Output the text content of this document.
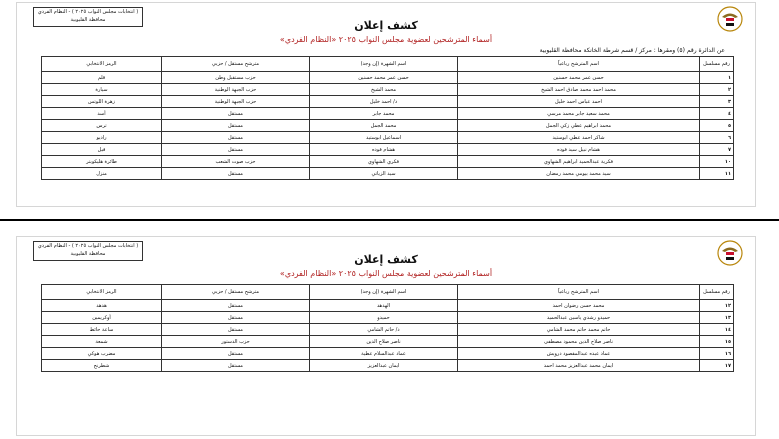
( انتخابات مجلس النواب ٢٠٢٥ ) - النظام الفردي
محافظة القليوبية	كشف إعلان
أسماء المترشحين لعضوية مجلس النواب ٢٠٢٥ «النظام الفردي»
عن الدائرة رقم (٥) ومقرها : مركز / قسم شرطة الخانكة محافظة القليوبية
رقم مسلسل	اسم المترشح رباعياً	اسم الشهرة (إن وجد)	مترشح مستقل / حزبي	الرمز الانتخابي
١	حسن عمر محمد حسنين	حسن عمر محمد حسنين	حزب مستقبل وطن	قلم
٢	محمد احمد محمد صادق احمد الشيخ	محمد الشيخ	حزب الجبهة الوطنية	سيارة
٣	احمد عباس احمد خليل	د/ احمد خليل	حزب الجبهة الوطنية	زهرة اللوتس
٤	محمد سعيد جابر محمد مرسي	محمد جابر	مستقل	أسد
٥	محمد ابراهيم عطي زكي الجمل	محمد الجمل	مستقل	ترس
٦	شاكر احمد عطي ابوستيد	اسماعيل ابوستيد	مستقل	راديو
٧	هشام نبيل سيد فوده	هشام فوده	مستقل	فيل
١٠	فكرية عبدالحميد ابراهيم الشهاوي	فكري الشهاوي	حزب صوت الشعب	طائرة هليكوبتر
١١	سيد محمد بيومي محمد رمضان	سيد الزياتي	مستقل	منزل
( انتخابات مجلس النواب ٢٠٢٥ ) - النظام الفردي
محافظة القليوبية	كشف إعلان
أسماء المترشحين لعضوية مجلس النواب ٢٠٢٥ «النظام الفردي»
رقم مسلسل	اسم المترشح رباعياً	اسم الشهرة (إن وجد)	مترشح مستقل / حزبي	الرمز الانتخابي
١٢	محمد حسن رضوان احمد	الهدهد	مستقل	هدهد
١٣	حميدو رشدي ياسين عبدالحميد	حميدو	مستقل	أوكريمين
١٤	حاتم محمد حاتم محمد الشامي	د/ حاتم الشامي	مستقل	ساعة حائط
١٥	ناصر صلاح الدين محمود مصطفى	ناصر صلاح الدين	حزب الدستور	شمعة
١٦	عماد عبده عبدالمقصود درويش	عماد عبدالسلام عطية	مستقل	مضرب هوكي
١٧	ايمان محمد عبدالعزيز محمد احمد	ايمان عبدالعزيز	مستقل	شطرنج
